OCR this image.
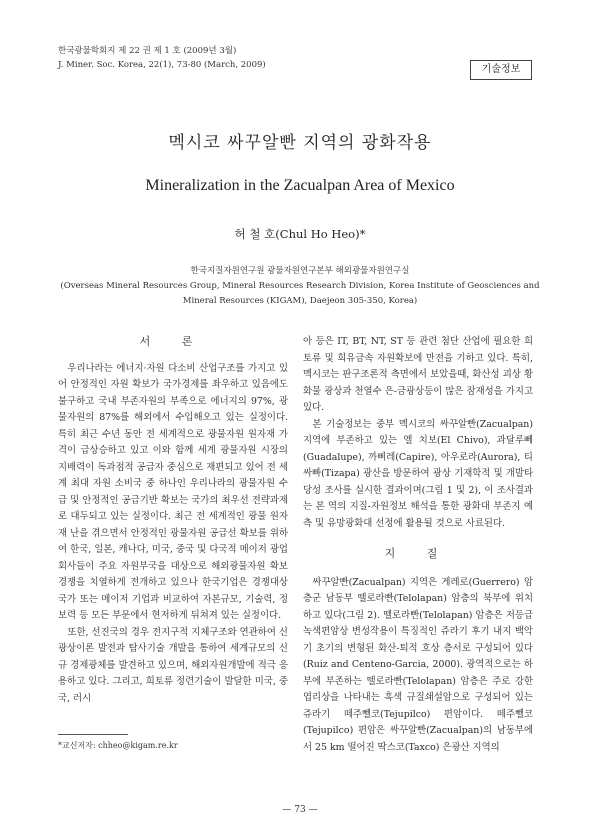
한국광물학회지 제 22 권 제 1 호 (2009년 3월)
J. Miner. Soc. Korea, 22(1), 73-80 (March, 2009)	기술정보
멕시코 싸꾸알빤 지역의 광화작용
Mineralization in the Zacualpan Area of Mexico
허 철 호(Chul Ho Heo)*
한국지질자원연구원 광물자원연구본부 해외광물자원연구실
(Overseas Mineral Resources Group, Mineral Resources Research Division, Korea Institute of Geosciences and
Mineral Resources (KIGAM), Daejeon 305-350, Korea)
서 론

우리나라는 에너지·자원 다소비 산업구조를 가지고 있어 안정적인 자원 확보가 국가경제를 좌우하고 있음에도 불구하고 국내 부존자원의 부족으로 에너지의 97%, 광물자원의 87%를 해외에서 수입해오고 있는 실정이다. 특히 최근 수년 동안 전 세계적으로 광물자원 원자재 가격이 급상승하고 있고 이와 함께 세계 광물자원 시장의 지배력이 독과점적 공급자 중심으로 재편되고 있어 전 세계 최대 자원 소비국 중 하나인 우리나라의 광물자원 수급 및 안정적인 공급기반 확보는 국가의 최우선 전략과제로 대두되고 있는 실정이다. 최근 전 세계적인 광물 원자재 난을 겪으면서 안정적인 광물자원 공급선 확보를 위하여 한국, 일본, 캐나다, 미국, 중국 및 다국적 메이저 광업회사들이 주요 자원부국을 대상으로 해외광물자원 확보경쟁을 치열하게 전개하고 있으나 한국기업은 경쟁대상 국가 또는 메이저 기업과 비교하여 자본규모, 기술력, 정보력 등 모든 부문에서 현저하게 뒤쳐져 있는 실정이다.

또한, 선진국의 경우 전지구적 지체구조와 연관하여 신광상이론 발전과 탐사기술 개발을 통하여 세계규모의 신규 경제광체를 발견하고 있으며, 해외자원개발에 적극 응용하고 있다. 그리고, 희토류 정련기술이 발달한 미국, 중국, 러시

아 등은 IT, BT, NT, ST 등 관련 첨단 산업에 필요한 희토류 및 희유금속 자원확보에 만전을 기하고 있다. 특히, 멕시코는 판구조론적 측면에서 보았을때, 화산성 괴상 황화물 광상과 천열수 은-금광상등이 많은 잠재성을 가지고 있다.

본 기술정보는 중부 멕시코의 싸꾸알빤(Zacualpan) 지역에 부존하고 있는 엘 치보(El Chivo), 과달루뻬(Guadalupe), 까삐레(Capire), 아우로라(Aurora), 티싸빠(Tizapa) 광산을 방문하여 광상 기재학적 및 개발타당성 조사를 실시한 결과이며(그림 1 및 2), 이 조사결과는 본 역의 지질-자원정보 해석을 통한 광화대 부존지 예측 및 유망광화대 선정에 활용될 것으로 사료된다.

지 질

싸꾸알빤(Zacualpan) 지역은 게레로(Guerrero) 암층군 남동부 뗄로라빤(Telolapan) 암층의 북부에 위치하고 있다(그림 2). 뗄로라빤(Telolapan) 암층은 저등급 녹색편암상 변성작용이 특징적인 쥬라기 후기 내지 백악기 초기의 변형된 화산-퇴적 호상 층서로 구성되어 있다(Ruiz and Centeno-Garcia, 2000). 광역적으로는 하부에 부존하는 뗄로라빤(Telolapan) 암층은 주로 강한 엽리상을 나타내는 흑색 규질쇄설암으로 구성되어 있는 쥬라기 떼주뻴코(Tejupilco) 편암이다. 떼주뻴코(Tejupilco) 편암은 싸꾸알빤(Zacualpan)의 남동부에서 25 km 떨어진 딱스코(Taxco) 은광산 지역의

*교신저자: chheo@kigam.re.kr
— 73 —
